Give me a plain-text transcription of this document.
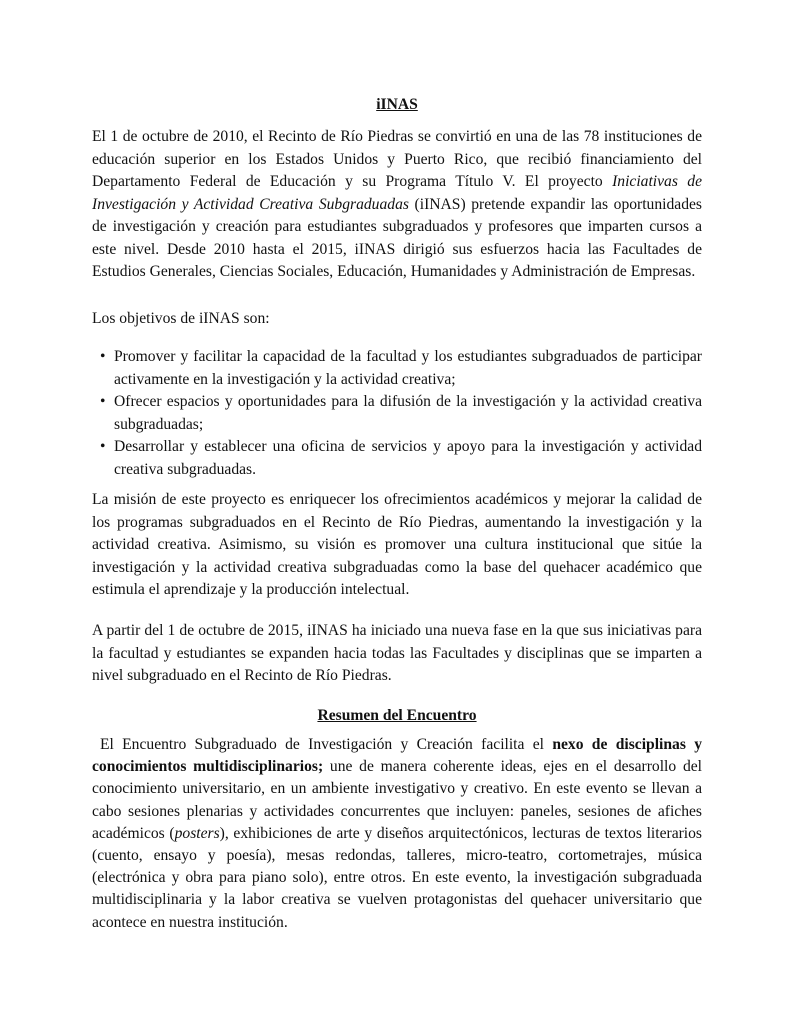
iINAS

El 1 de octubre de 2010, el Recinto de Río Piedras se convirtió en una de las 78 instituciones de educación superior en los Estados Unidos y Puerto Rico, que recibió financiamiento del Departamento Federal de Educación y su Programa Título V. El proyecto Iniciativas de Investigación y Actividad Creativa Subgraduadas (iINAS) pretende expandir las oportunidades de investigación y creación para estudiantes subgraduados y profesores que imparten cursos a este nivel. Desde 2010 hasta el 2015, iINAS dirigió sus esfuerzos hacia las Facultades de Estudios Generales, Ciencias Sociales, Educación, Humanidades y Administración de Empresas.

Los objetivos de iINAS son:

• Promover y facilitar la capacidad de la facultad y los estudiantes subgraduados de participar activamente en la investigación y la actividad creativa;
• Ofrecer espacios y oportunidades para la difusión de la investigación y la actividad creativa subgraduadas;
• Desarrollar y establecer una oficina de servicios y apoyo para la investigación y actividad creativa subgraduadas.

La misión de este proyecto es enriquecer los ofrecimientos académicos y mejorar la calidad de los programas subgraduados en el Recinto de Río Piedras, aumentando la investigación y la actividad creativa. Asimismo, su visión es promover una cultura institucional que sitúe la investigación y la actividad creativa subgraduadas como la base del quehacer académico que estimula el aprendizaje y la producción intelectual.

A partir del 1 de octubre de 2015, iINAS ha iniciado una nueva fase en la que sus iniciativas para la facultad y estudiantes se expanden hacia todas las Facultades y disciplinas que se imparten a nivel subgraduado en el Recinto de Río Piedras.

Resumen del Encuentro

El Encuentro Subgraduado de Investigación y Creación facilita el nexo de disciplinas y conocimientos multidisciplinarios; une de manera coherente ideas, ejes en el desarrollo del conocimiento universitario, en un ambiente investigativo y creativo. En este evento se llevan a cabo sesiones plenarias y actividades concurrentes que incluyen: paneles, sesiones de afiches académicos (posters), exhibiciones de arte y diseños arquitectónicos, lecturas de textos literarios (cuento, ensayo y poesía), mesas redondas, talleres, micro-teatro, cortometrajes, música (electrónica y obra para piano solo), entre otros. En este evento, la investigación subgraduada multidisciplinaria y la labor creativa se vuelven protagonistas del quehacer universitario que acontece en nuestra institución.
